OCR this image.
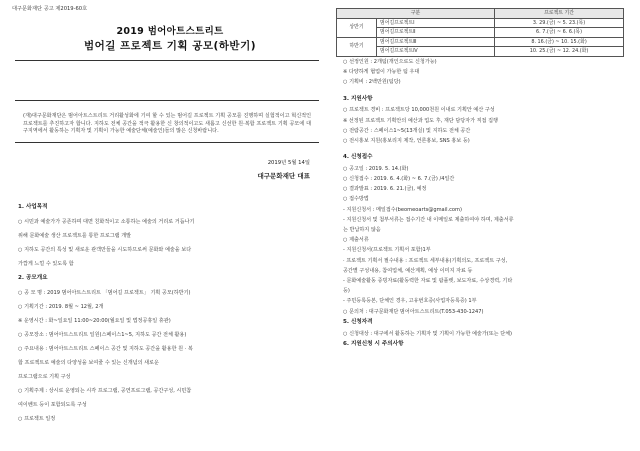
대구문화재단 공고 제2019-60호
2019 범어아트스트리트
범어길 프로젝트 기획 공모(하반기)

(재)대구문화재단은 범어아트스트리트 거리활성화에 기여 할 수 있는 범어길 프로젝트 기획 공모를 진행하며 실험적이고 혁신적인 프로젝트를 추진하고자 합니다. 지하도 전체 공간을 적극 활용한 신 창의적이고도 새롭고 신선한 원·복합 프로젝트 기획 공모에 대구지역에서 활동하는 기획자 및 기획이 가능한 예술단체(예술인)들의 많은 신청바랍니다.

2019년 5월 14일
대구문화재단 대표
1. 사업목적
○ 시민과 예술가가 공존하며 대면 친화적이고 소통하는 예술의 거리로 거듭나기
위해 문화예술 생산 프로젝트를 통한 프로그램 개발
○ 지하도 공간의 특성 및 새로운 관객만들을 시도하므로써 문화와 예술을 보다
가깝게 느낄 수 있도록 함
2. 공모개요
○ 공 모 명 : 2019 범어아트스트리트 「범어길 프로젝트」 기획 공모(하반기)
○ 기획기간 : 2019. 8월 ~ 12월, 2개
※ 운영시간 : 화~일요일 11:00~20:00(월요일 및 법정공휴일 휴관)
○ 공모장소 : 범어아트스트리트 일원(스페이스1~5, 지하도 공간 전체 활용)
○ 주요내용 : 범어아트스트리트 스페이스 공간 및 지하도 공간을 활용한 원 · 복
합 프로젝트로 예술의 다양성을 보여줄 수 있는 신개념의 새로운
프로그램으로 기획 구성
○ 기획주제 : 상시로 운영되는 시각 프로그램, 공연프로그램, 공간구성, 시민참
여이벤트 등이 포함되도록 구성
○ 프로젝트 일정
구분		프로젝트 기간
상반기	범어길프로젝트Ⅰ	3. 29.(금) ~ 5. 23.(목)
	범어길프로젝트Ⅱ	6. 7.(금) ~ 6. 6.(목)
하반기	범어길프로젝트Ⅲ	8. 16.(금) ~ 10. 15.(화)
	범어길프로젝트Ⅳ	10. 25.(금) ~ 12. 24.(화)
○ 선정인원 : 2개팀(개인으로도 신청가능)
※ 다양하게 협업이 가능한 팀 우대
○ 기획비 : 2백만원(팀당)
3. 지원사항
○ 프로젝트 경비 : 프로젝트당 10,000천원 이내로 기획안 예산 구성
※ 선정된 프로젝트 기획안의 예산과 업도 후, 재단 담당자가 직접 집행
○ 전람공간 : 스페이스1~5(13개실) 및 지하도 전체 공간
○ 전시홍보 지원(홍보리지 제작, 언론홍보, SNS 홍보 등)
4. 신청접수
○ 공고일 : 2019. 5. 14.(화)
○ 신청접수 : 2019. 6. 4.(화) ~ 6. 7.(금) /4일간
○ 결과발표 : 2019. 6. 21.(금), 예정
○ 접수방법
- 지원신청서 : 메일접수(beomeoarts@gmail.com)
- 지원신청서 및 첨부서류는 접수기간 내 이메일로 제출하여야 하며, 제출서류
는 반납하지 않음
○ 제출서류
- 지원신청서(프로젝트 기획서 포함)1부
· 프로젝트 기획서 필수내용 : 프로젝트 세부내용(기획의도, 프로젝트 구성,
공간별 구성내용, 참여업체, 예산계획, 예상 이미지 자료 등
- 문화예술활동 증빙자료(활동력한 자료 및 팜플렛, 보도자료, 수상경력, 기타
등)
- 주민등록등본, 단체인 경우, 고유번호증(사업자등록증) 1부
○ 문의처 : 대구문화재단 범어아트스트리트(T.053-430-1247)
5. 신청자격
○ 신청대상 : 대구에서 활동하는 기획자 및 기획이 가능한 예술가(또는 단체)
6. 지원신청 시 주의사항
